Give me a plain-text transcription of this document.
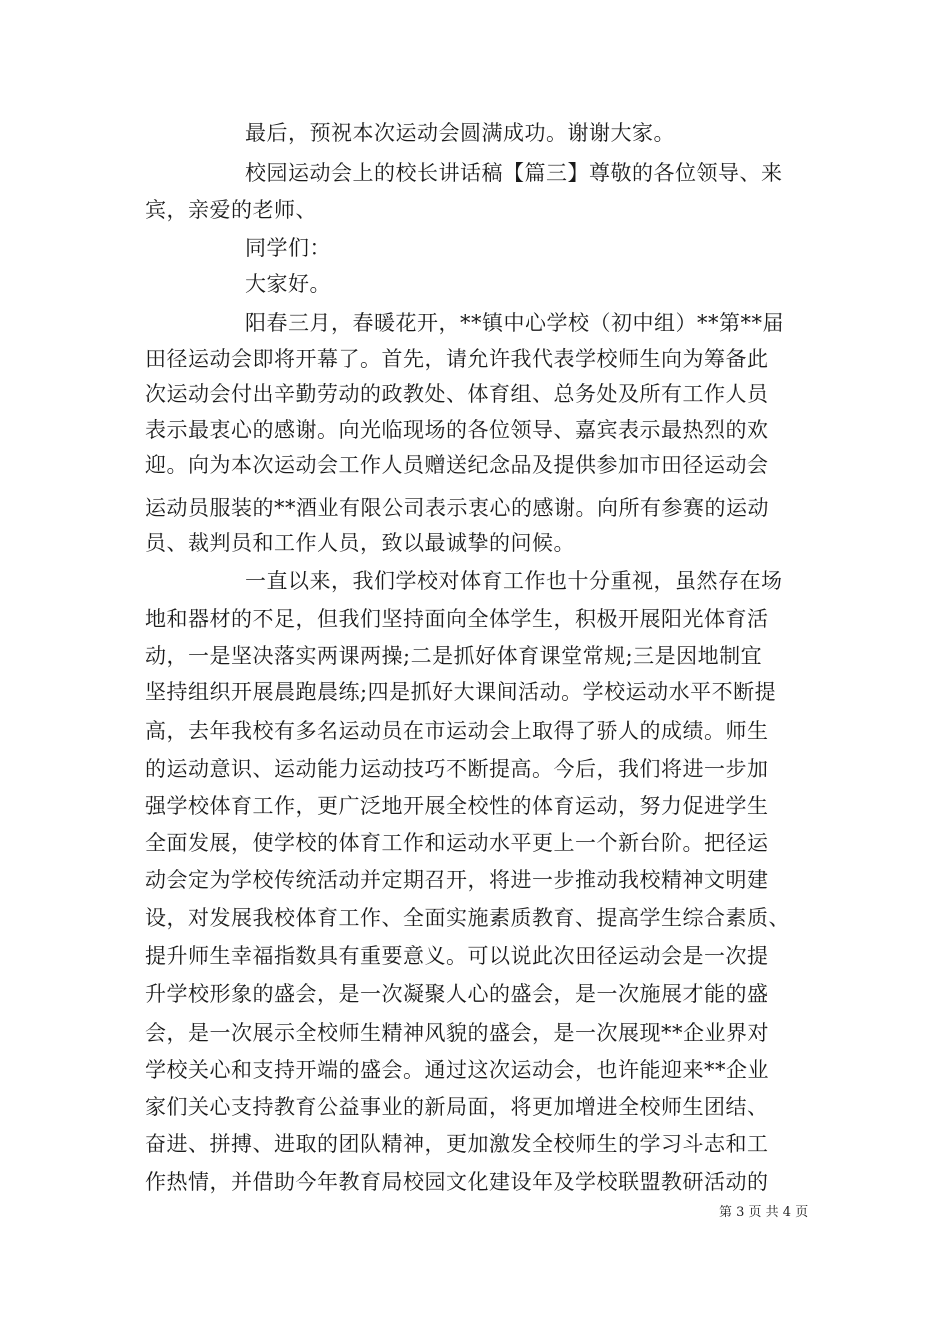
最后，预祝本次运动会圆满成功。谢谢大家。
校园运动会上的校长讲话稿【篇三】尊敬的各位领导、来
宾，亲爱的老师、
同学们：
大家好。
阳春三月，春暖花开，**镇中心学校（初中组）**第**届
田径运动会即将开幕了。首先，请允许我代表学校师生向为筹备此
次运动会付出辛勤劳动的政教处、体育组、总务处及所有工作人员
表示最衷心的感谢。向光临现场的各位领导、嘉宾表示最热烈的欢
迎。向为本次运动会工作人员赠送纪念品及提供参加市田径运动会
运动员服装的**酒业有限公司表示衷心的感谢。向所有参赛的运动
员、裁判员和工作人员，致以最诚挚的问候。
一直以来，我们学校对体育工作也十分重视，虽然存在场
地和器材的不足，但我们坚持面向全体学生，积极开展阳光体育活
动，一是坚决落实两课两操;二是抓好体育课堂常规;三是因地制宜
坚持组织开展晨跑晨练;四是抓好大课间活动。学校运动水平不断提
高，去年我校有多名运动员在市运动会上取得了骄人的成绩。师生
的运动意识、运动能力运动技巧不断提高。今后，我们将进一步加
强学校体育工作，更广泛地开展全校性的体育运动，努力促进学生
全面发展，使学校的体育工作和运动水平更上一个新台阶。把径运
动会定为学校传统活动并定期召开，将进一步推动我校精神文明建
设，对发展我校体育工作、全面实施素质教育、提高学生综合素质、
提升师生幸福指数具有重要意义。可以说此次田径运动会是一次提
升学校形象的盛会，是一次凝聚人心的盛会，是一次施展才能的盛
会，是一次展示全校师生精神风貌的盛会，是一次展现**企业界对
学校关心和支持开端的盛会。通过这次运动会，也许能迎来**企业
家们关心支持教育公益事业的新局面，将更加增进全校师生团结、
奋进、拼搏、进取的团队精神，更加激发全校师生的学习斗志和工
作热情，并借助今年教育局校园文化建设年及学校联盟教研活动的
第 3 页 共 4 页
